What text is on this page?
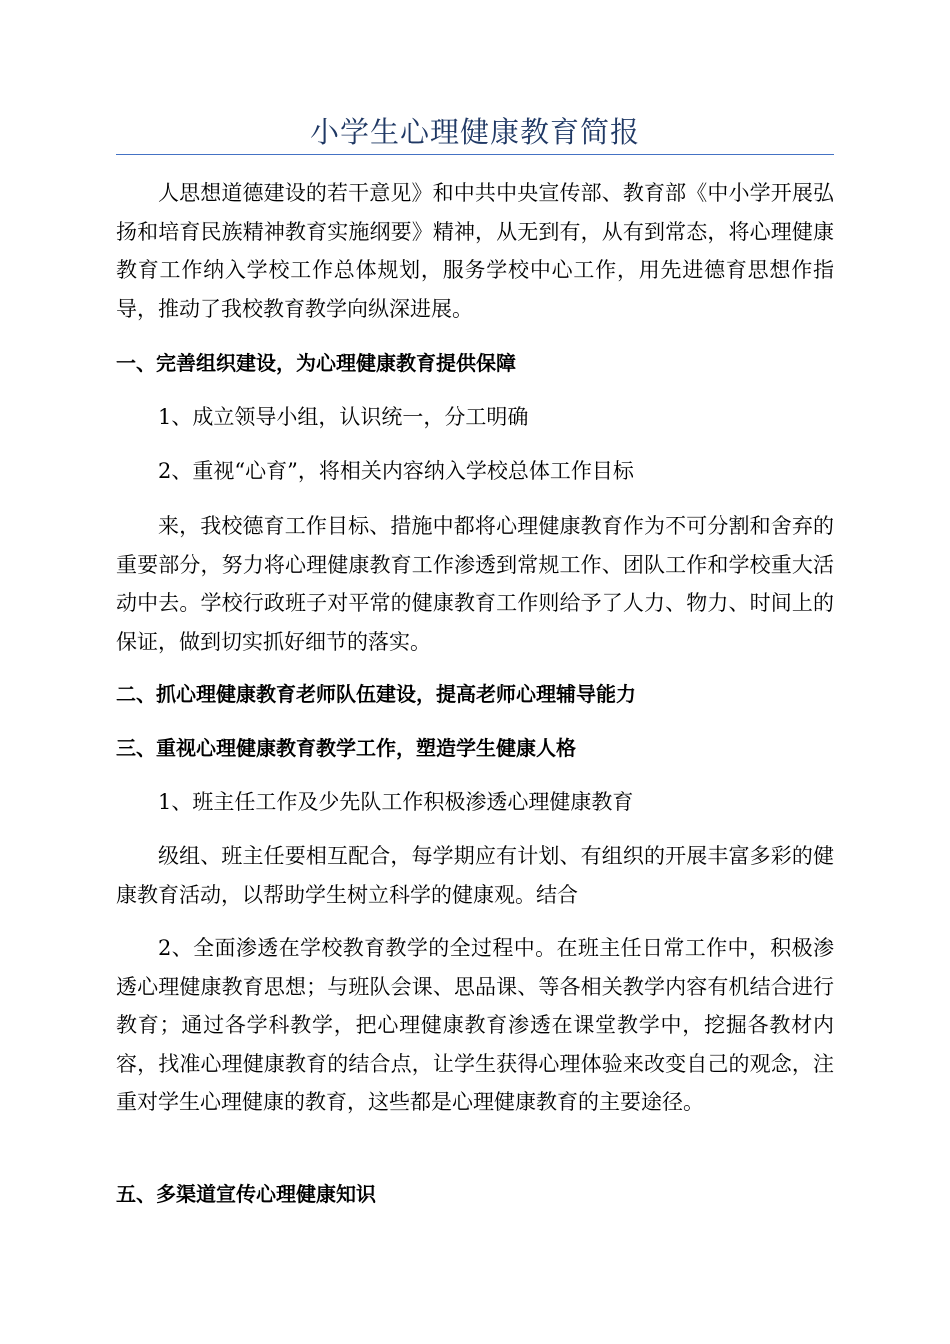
小学生心理健康教育简报

人思想道德建设的若干意见》和中共中央宣传部、教育部《中小学开展弘扬和培育民族精神教育实施纲要》精神，从无到有，从有到常态，将心理健康教育工作纳入学校工作总体规划，服务学校中心工作，用先进德育思想作指导，推动了我校教育教学向纵深进展。

一、完善组织建设，为心理健康教育提供保障

1、成立领导小组，认识统一，分工明确

2、重视“心育”，将相关内容纳入学校总体工作目标

来，我校德育工作目标、措施中都将心理健康教育作为不可分割和舍弃的重要部分，努力将心理健康教育工作渗透到常规工作、团队工作和学校重大活动中去。学校行政班子对平常的健康教育工作则给予了人力、物力、时间上的保证，做到切实抓好细节的落实。

二、抓心理健康教育老师队伍建设，提高老师心理辅导能力

三、重视心理健康教育教学工作，塑造学生健康人格

1、班主任工作及少先队工作积极渗透心理健康教育

级组、班主任要相互配合，每学期应有计划、有组织的开展丰富多彩的健康教育活动，以帮助学生树立科学的健康观。结合

2、全面渗透在学校教育教学的全过程中。在班主任日常工作中，积极渗透心理健康教育思想；与班队会课、思品课、等各相关教学内容有机结合进行教育；通过各学科教学，把心理健康教育渗透在课堂教学中，挖掘各教材内容，找准心理健康教育的结合点，让学生获得心理体验来改变自己的观念，注重对学生心理健康的教育，这些都是心理健康教育的主要途径。

五、多渠道宣传心理健康知识
